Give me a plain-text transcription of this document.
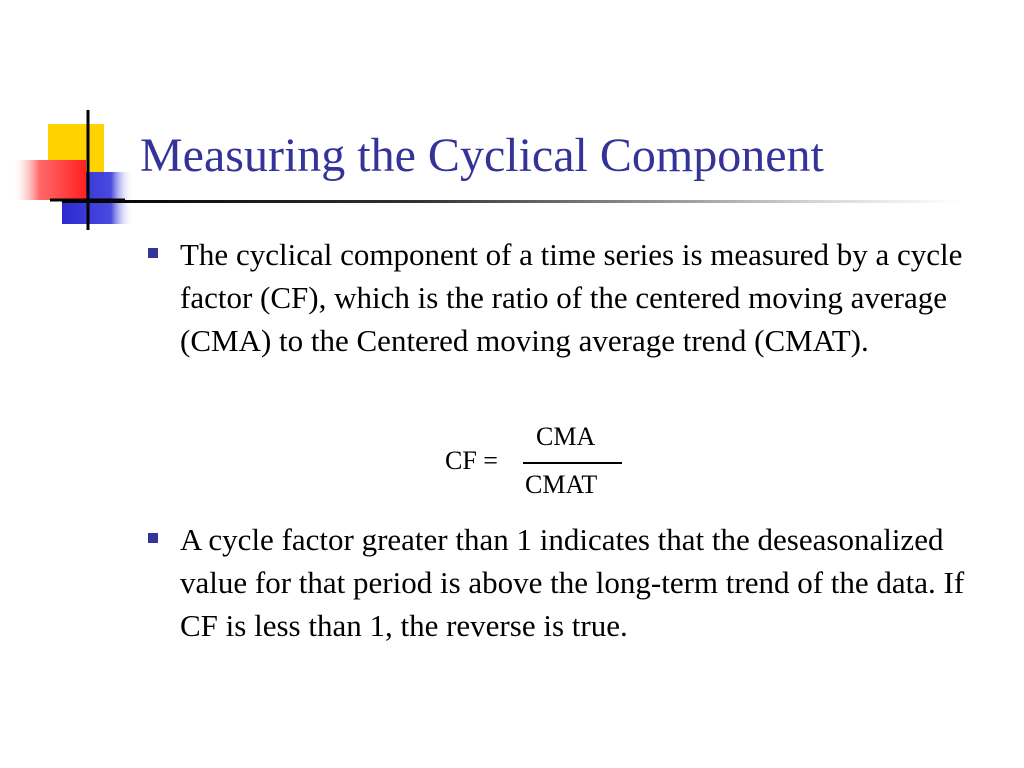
Measuring the Cyclical Component
The cyclical component of a time series is measured by a cycle factor (CF), which is the ratio of the centered moving average (CMA) to the Centered moving average trend (CMAT).
CF =
CMA
CMAT
A cycle factor greater than 1 indicates that the deseasonalized value for that period is above the long-term trend of the data. If CF is less than 1, the reverse is true.
